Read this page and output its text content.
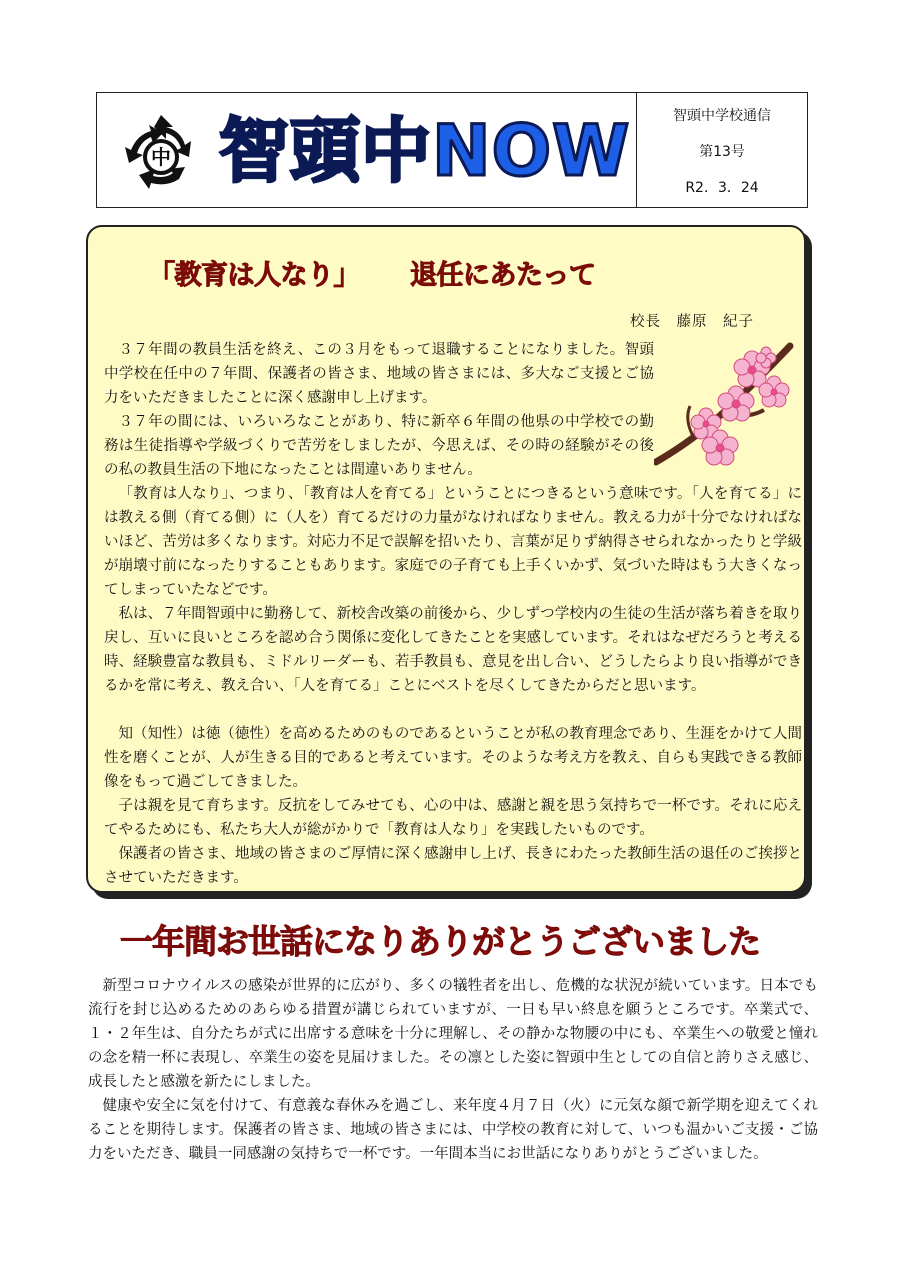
中 智頭中NOW	智頭中学校通信
第13号
R2．3．24
「教育は人なり」 退任にあたって
校長　藤原　紀子

３７年間の教員生活を終え、この３月をもって退職することになりました。智頭中学校在任中の７年間、保護者の皆さま、地域の皆さまには、多大なご支援とご協力をいただきましたことに深く感謝申し上げます。

３７年の間には、いろいろなことがあり、特に新卒６年間の他県の中学校での勤務は生徒指導や学級づくりで苦労をしましたが、今思えば、その時の経験がその後の私の教員生活の下地になったことは間違いありません。

「教育は人なり」、つまり、「教育は人を育てる」ということにつきるという意味です。「人を育てる」には教える側（育てる側）に（人を）育てるだけの力量がなければなりません。教える力が十分でなければないほど、苦労は多くなります。対応力不足で誤解を招いたり、言葉が足りず納得させられなかったりと学級が崩壊寸前になったりすることもあります。家庭での子育ても上手くいかず、気づいた時はもう大きくなってしまっていたなどです。

私は、７年間智頭中に勤務して、新校舎改築の前後から、少しずつ学校内の生徒の生活が落ち着きを取り戻し、互いに良いところを認め合う関係に変化してきたことを実感しています。それはなぜだろうと考える時、経験豊富な教員も、ミドルリーダーも、若手教員も、意見を出し合い、どうしたらより良い指導ができるかを常に考え、教え合い、「人を育てる」ことにベストを尽くしてきたからだと思います。

知（知性）は徳（徳性）を高めるためのものであるということが私の教育理念であり、生涯をかけて人間性を磨くことが、人が生きる目的であると考えています。そのような考え方を教え、自らも実践できる教師像をもって過ごしてきました。

子は親を見て育ちます。反抗をしてみせても、心の中は、感謝と親を思う気持ちで一杯です。それに応えてやるためにも、私たち大人が総がかりで「教育は人なり」を実践したいものです。

保護者の皆さま、地域の皆さまのご厚情に深く感謝申し上げ、長きにわたった教師生活の退任のご挨拶とさせていただきます。

一年間お世話になりありがとうございました

新型コロナウイルスの感染が世界的に広がり、多くの犠牲者を出し、危機的な状況が続いています。日本でも流行を封じ込めるためのあらゆる措置が講じられていますが、一日も早い終息を願うところです。卒業式で、１・２年生は、自分たちが式に出席する意味を十分に理解し、その静かな物腰の中にも、卒業生への敬愛と憧れの念を精一杯に表現し、卒業生の姿を見届けました。その凛とした姿に智頭中生としての自信と誇りさえ感じ、成長したと感激を新たにしました。

健康や安全に気を付けて、有意義な春休みを過ごし、来年度４月７日（火）に元気な顔で新学期を迎えてくれることを期待します。保護者の皆さま、地域の皆さまには、中学校の教育に対して、いつも温かいご支援・ご協力をいただき、職員一同感謝の気持ちで一杯です。一年間本当にお世話になりありがとうございました。
